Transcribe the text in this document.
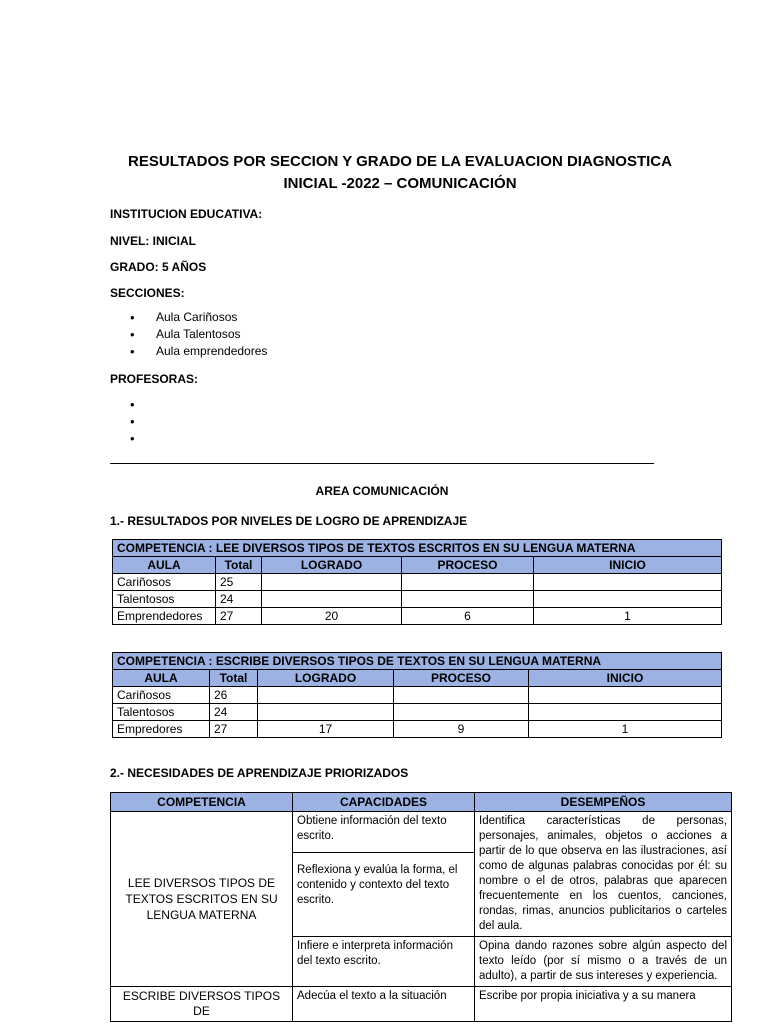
RESULTADOS POR SECCION Y GRADO DE LA EVALUACION DIAGNOSTICA
INICIAL -2022 – COMUNICACIÓN
INSTITUCION EDUCATIVA:
NIVEL: INICIAL
GRADO: 5 AÑOS
SECCIONES:
• Aula Cariñosos
• Aula Talentosos
• Aula emprendedores
PROFESORAS:
•
•
•
AREA COMUNICACIÓN
1.- RESULTADOS POR NIVELES DE LOGRO DE APRENDIZAJE
COMPETENCIA : LEE DIVERSOS TIPOS DE TEXTOS ESCRITOS EN SU LENGUA MATERNA				
AULA	Total	LOGRADO	PROCESO	INICIO
Cariñosos	25			
Talentosos	24			
Emprendedores	27	20	6	1
COMPETENCIA : ESCRIBE DIVERSOS TIPOS DE TEXTOS EN SU LENGUA MATERNA				
AULA	Total	LOGRADO	PROCESO	INICIO
Cariñosos	26			
Talentosos	24			
Empredores	27	17	9	1
2.- NECESIDADES DE APRENDIZAJE PRIORIZADOS
COMPETENCIA	CAPACIDADES	DESEMPEÑOS
LEE DIVERSOS TIPOS DE TEXTOS ESCRITOS EN SU LENGUA MATERNA	Obtiene información del texto escrito.	Identifica características de personas, personajes, animales, objetos o acciones a partir de lo que observa en las ilustraciones, así como de algunas palabras conocidas por él: su nombre o el de otros, palabras que aparecen frecuentemente en los cuentos, canciones, rondas, rimas, anuncios publicitarios o carteles del aula.
	Reflexiona y evalúa la forma, el contenido y contexto del texto escrito.	
	Infiere e interpreta información del texto escrito.	Opina dando razones sobre algún aspecto del texto leído (por sí mismo o a través de un adulto), a partir de sus intereses y experiencia.
ESCRIBE DIVERSOS TIPOS DE	Adecúa el texto a la situación	Escribe por propia iniciativa y a su manera
